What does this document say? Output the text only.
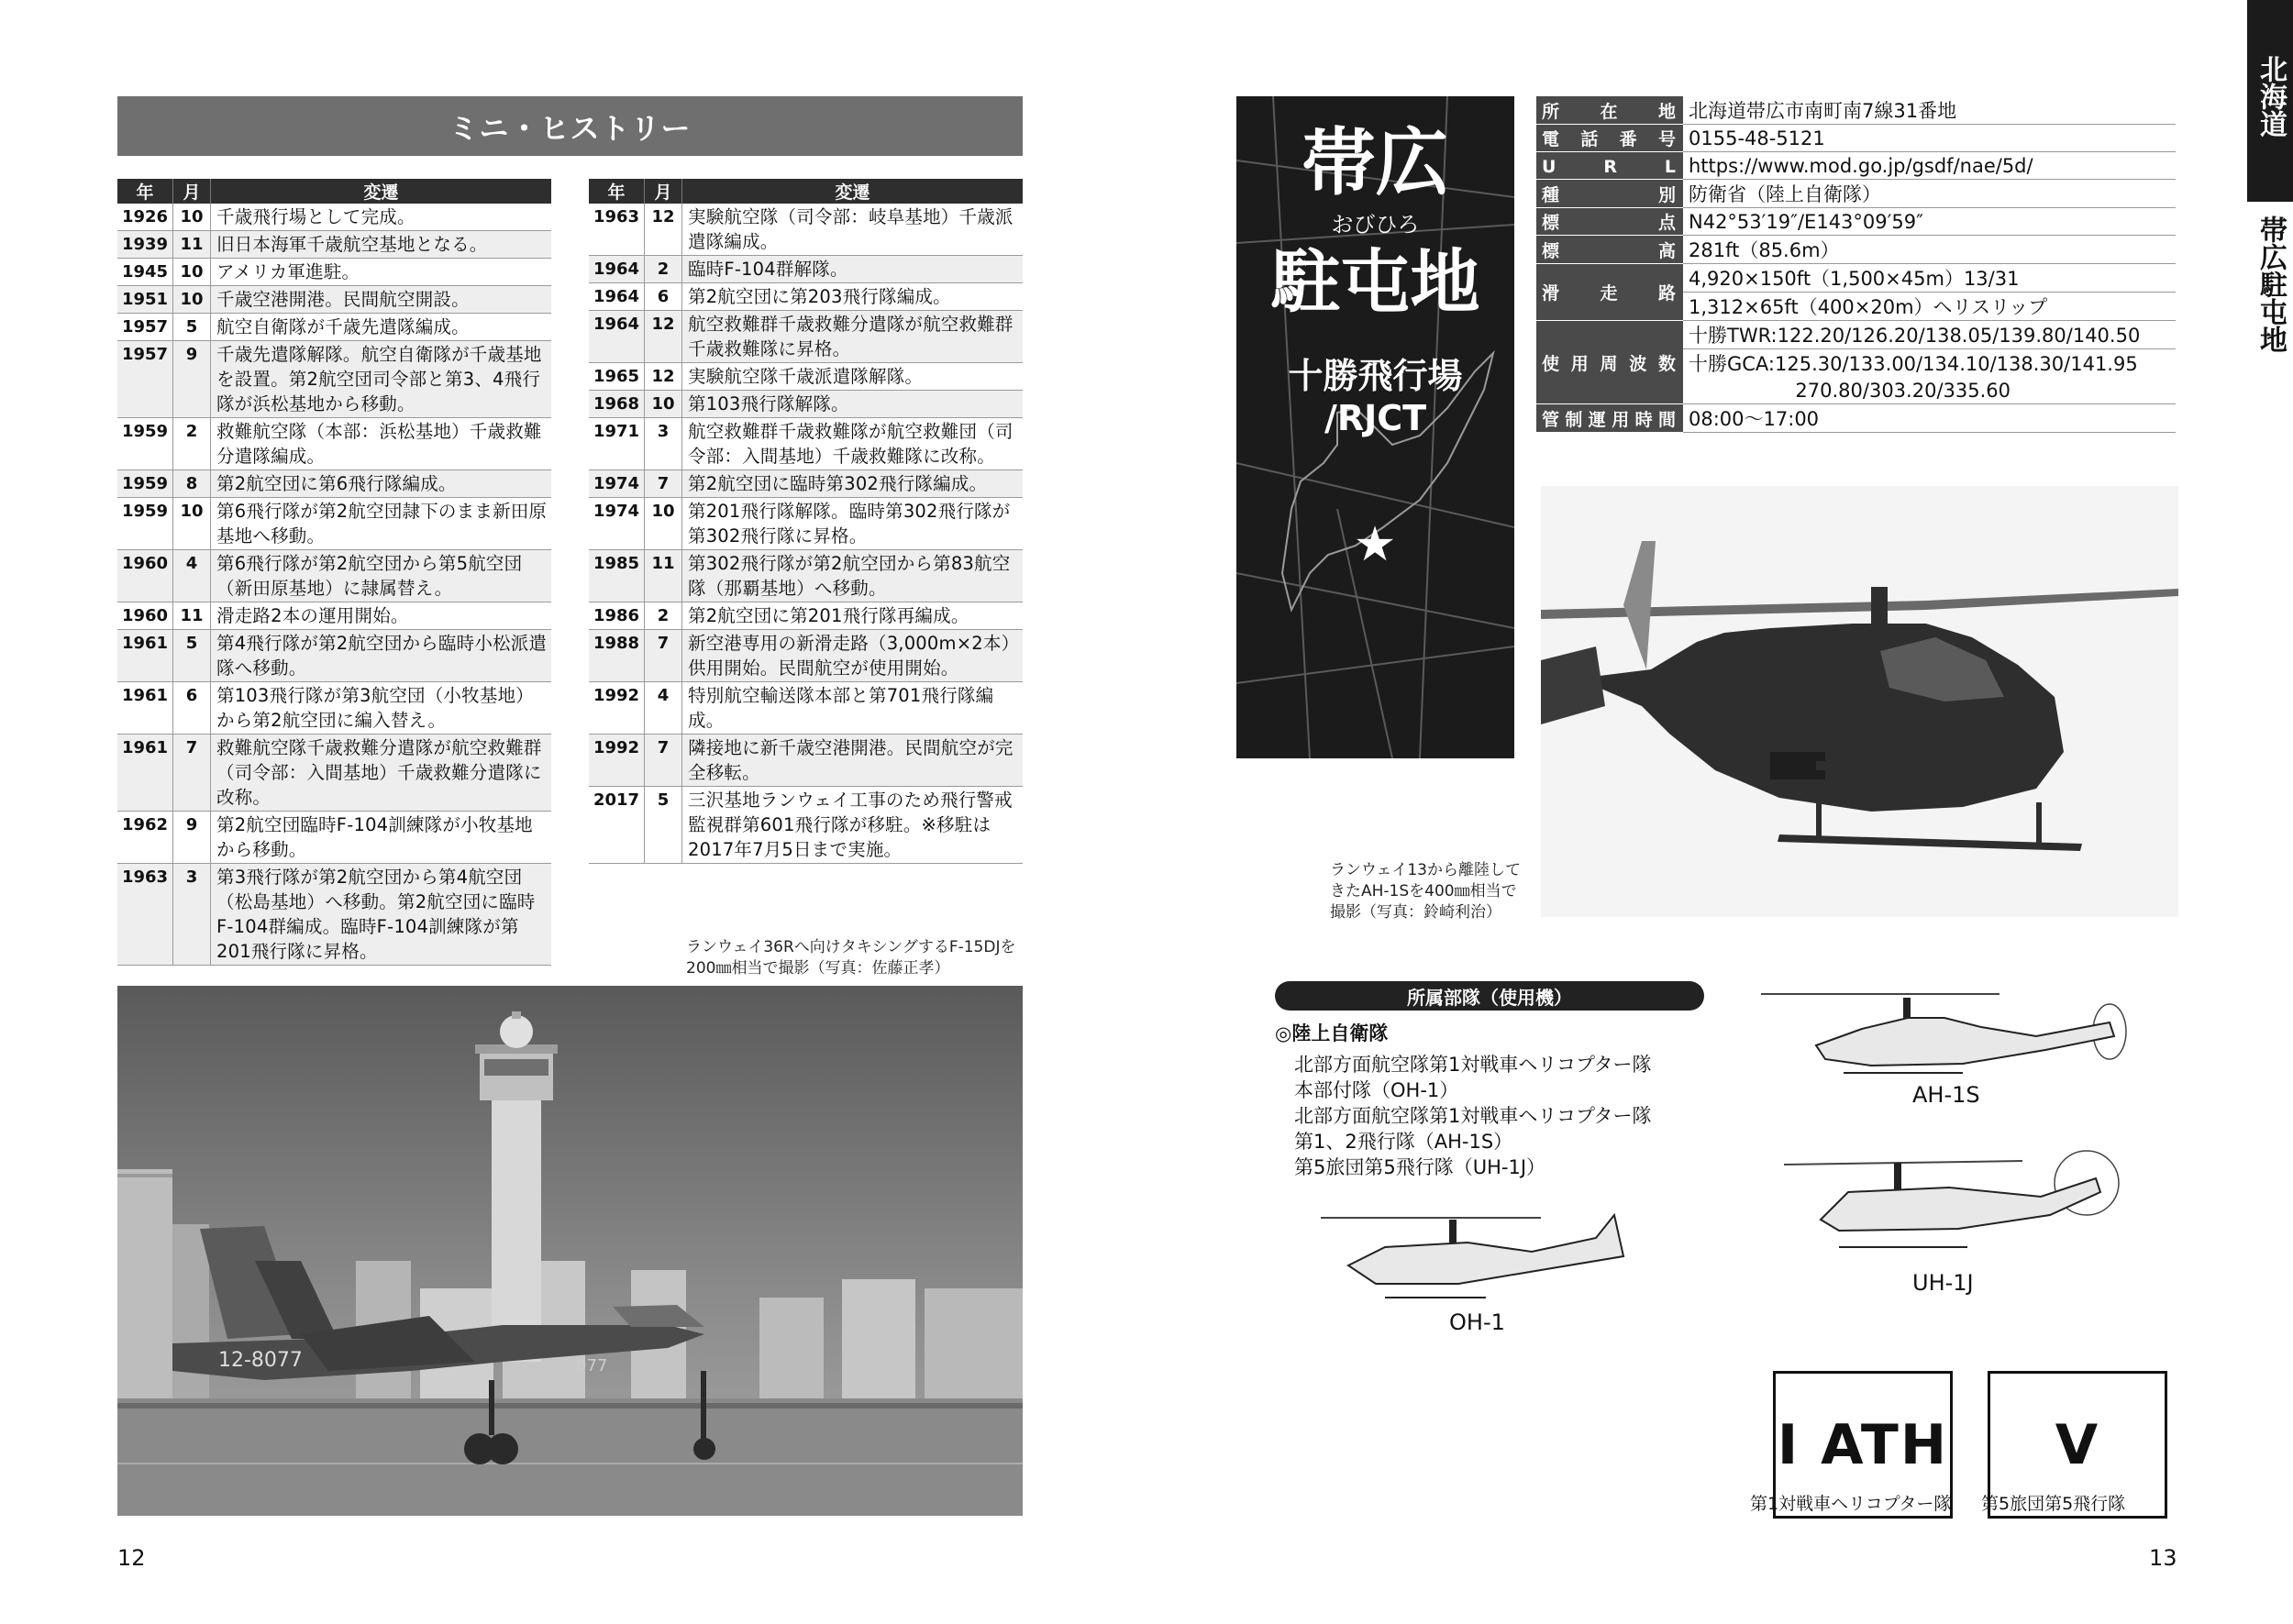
ミニ・ヒストリー
年	月	変遷
1926	10	千歳飛行場として完成。
1939	11	旧日本海軍千歳航空基地となる。
1945	10	アメリカ軍進駐。
1951	10	千歳空港開港。民間航空開設。
1957	5	航空自衛隊が千歳先遣隊編成。
1957	9	千歳先遣隊解隊。航空自衛隊が千歳基地を設置。第2航空団司令部と第3、4飛行隊が浜松基地から移動。
1959	2	救難航空隊（本部：浜松基地）千歳救難分遣隊編成。
1959	8	第2航空団に第6飛行隊編成。
1959	10	第6飛行隊が第2航空団隷下のまま新田原基地へ移動。
1960	4	第6飛行隊が第2航空団から第5航空団（新田原基地）に隷属替え。
1960	11	滑走路2本の運用開始。
1961	5	第4飛行隊が第2航空団から臨時小松派遣隊へ移動。
1961	6	第103飛行隊が第3航空団（小牧基地）から第2航空団に編入替え。
1961	7	救難航空隊千歳救難分遣隊が航空救難群（司令部：入間基地）千歳救難分遣隊に改称。
1962	9	第2航空団臨時F-104訓練隊が小牧基地から移動。
1963	3	第3飛行隊が第2航空団から第4航空団（松島基地）へ移動。第2航空団に臨時F-104群編成。臨時F-104訓練隊が第201飛行隊に昇格。
年	月	変遷
1963	12	実験航空隊（司令部：岐阜基地）千歳派遣隊編成。
1964	2	臨時F-104群解隊。
1964	6	第2航空団に第203飛行隊編成。
1964	12	航空救難群千歳救難分遣隊が航空救難群千歳救難隊に昇格。
1965	12	実験航空隊千歳派遣隊解隊。
1968	10	第103飛行隊解隊。
1971	3	航空救難群千歳救難隊が航空救難団（司令部：入間基地）千歳救難隊に改称。
1974	7	第2航空団に臨時第302飛行隊編成。
1974	10	第201飛行隊解隊。臨時第302飛行隊が第302飛行隊に昇格。
1985	11	第302飛行隊が第2航空団から第83航空隊（那覇基地）へ移動。
1986	2	第2航空団に第201飛行隊再編成。
1988	7	新空港専用の新滑走路（3,000m×2本）供用開始。民間航空が使用開始。
1992	4	特別航空輸送隊本部と第701飛行隊編成。
1992	7	隣接地に新千歳空港開港。民間航空が完全移転。
2017	5	三沢基地ランウェイ工事のため飛行警戒監視群第601飛行隊が移駐。※移駐は2017年7月5日まで実施。
ランウェイ36Rへ向けタキシングするF-15DJを200㎜相当で撮影（写真：佐藤正孝）
12-8077	077
12
★
帯広
おびひろ
駐屯地
十勝飛行場
/RJCT
所　在　地	北海道帯広市南町南7線31番地
電　話　番　号	0155-48-5121
U　R　L	https://www.mod.go.jp/gsdf/nae/5d/
種　　　別	防衛省（陸上自衛隊）
標　　　点	N42°53′19″/E143°09′59″
標　　　高	281ft（85.6m）
滑　走　路	4,920×150ft（1,500×45m）13/31
	1,312×65ft（400×20m）ヘリスリップ
使用周波数	十勝TWR:122.20/126.20/138.05/139.80/140.50
	十勝GCA:125.30/133.00/134.10/138.30/141.95
	270.80/303.20/335.60
管制運用時間	08:00～17:00
北海道
帯広駐屯地
ランウェイ13から離陸してきたAH-1Sを400㎜相当で撮影（写真：鈴崎利治）
所属部隊（使用機）
◎陸上自衛隊
北部方面航空隊第1対戦車ヘリコプター隊
本部付隊（OH-1）
北部方面航空隊第1対戦車ヘリコプター隊
第1、2飛行隊（AH-1S）
第5旅団第5飛行隊（UH-1J）
AH-1S
UH-1J
OH-1
I ATH
第1対戦車ヘリコプター隊
V
第5旅団第5飛行隊
13
